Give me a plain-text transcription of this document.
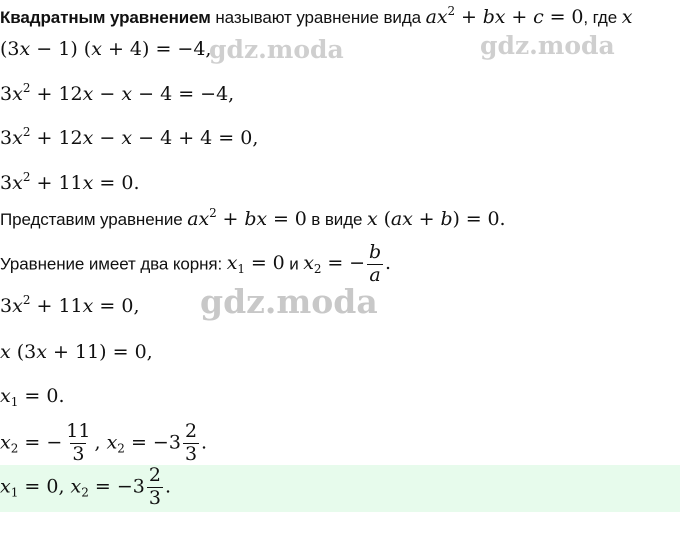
Квадратным уравнением называют уравнение вида $ax^2$ + bx + c = 0, где x
(3x − 1) (x + 4) = −4,
$3x^2 + 12x - x - 4 = -4$,
$3x^2 + 12x - x - 4 + 4 = 0$,
$3x^2 + 11x = 0$.
Представим уравнение $ax^2$ + bx = 0 в виде x (ax + b) = 0.
Уравнение имеет два корня: $x_1 = 0$ и $x_2$ = − $\frac{b}{a}$ .
$3x^2 + 11x = 0$,
x (3x + 11) = 0,
$x_1 = 0$.
$x_2$ = − $\frac{11}{3}$ , $x_2 = -3 \frac{2}{3}$ .
$x_1 = 0$, $x_2 = -3 \frac{2}{3}$ .
gdz.moda	gdz.moda
gdz.moda
